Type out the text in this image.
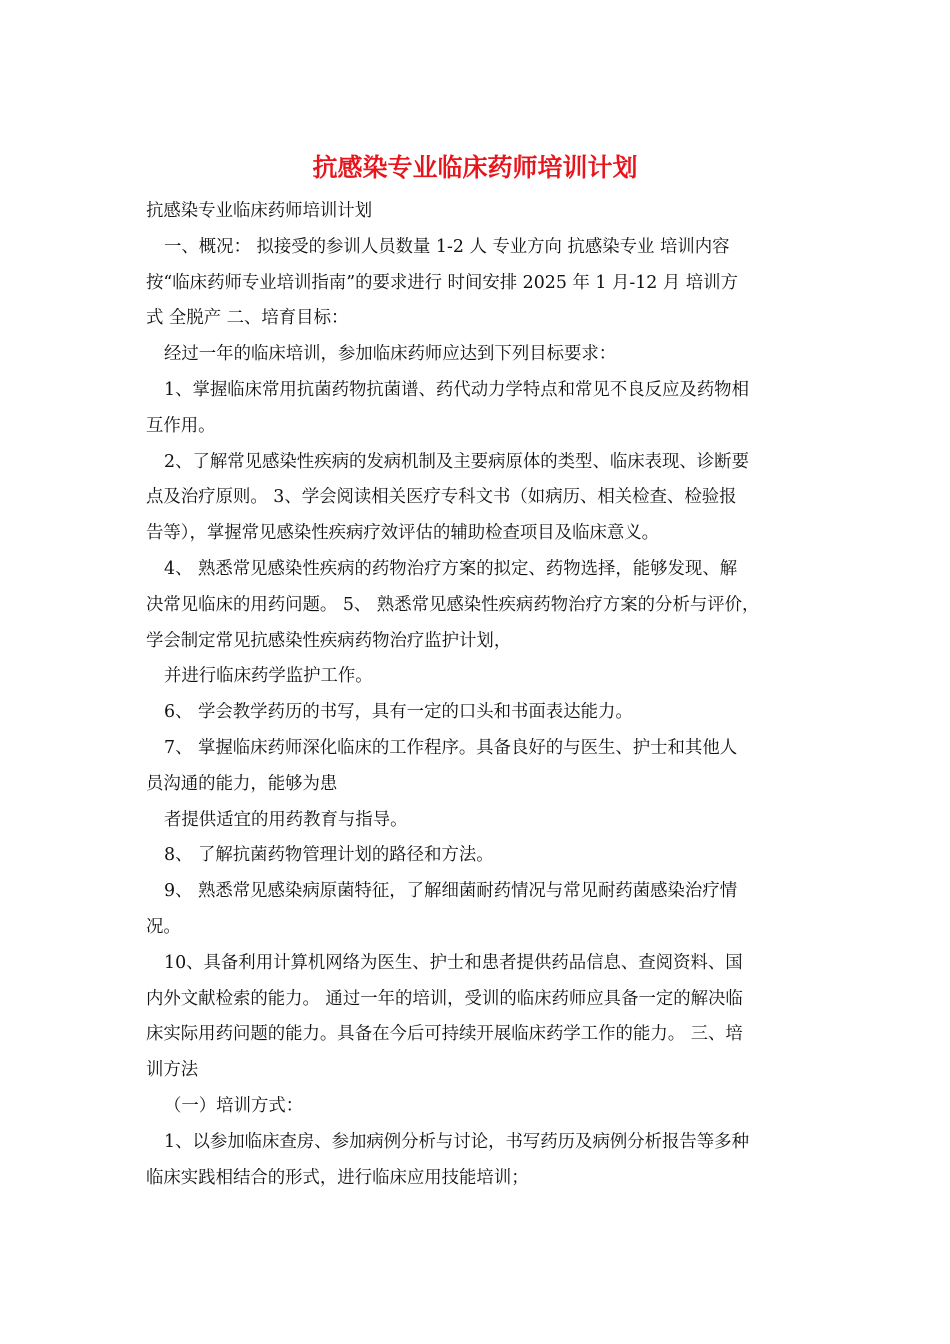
抗感染专业临床药师培训计划
抗感染专业临床药师培训计划
一、概况： 拟接受的参训人员数量 1-2 人 专业方向 抗感染专业 培训内容
按“临床药师专业培训指南”的要求进行 时间安排 2025 年 1 月-12 月 培训方
式 全脱产 二、培育目标：
经过一年的临床培训，参加临床药师应达到下列目标要求：
1、掌握临床常用抗菌药物抗菌谱、药代动力学特点和常见不良反应及药物相
互作用。
2、了解常见感染性疾病的发病机制及主要病原体的类型、临床表现、诊断要
点及治疗原则。 3、学会阅读相关医疗专科文书（如病历、相关检查、检验报
告等），掌握常见感染性疾病疗效评估的辅助检查项目及临床意义。
4、 熟悉常见感染性疾病的药物治疗方案的拟定、药物选择，能够发现、解
决常见临床的用药问题。 5、 熟悉常见感染性疾病药物治疗方案的分析与评价，
学会制定常见抗感染性疾病药物治疗监护计划，
并进行临床药学监护工作。
6、 学会教学药历的书写，具有一定的口头和书面表达能力。
7、 掌握临床药师深化临床的工作程序。具备良好的与医生、护士和其他人
员沟通的能力，能够为患
者提供适宜的用药教育与指导。
8、 了解抗菌药物管理计划的路径和方法。
9、 熟悉常见感染病原菌特征，了解细菌耐药情况与常见耐药菌感染治疗情
况。
10、具备利用计算机网络为医生、护士和患者提供药品信息、查阅资料、国
内外文献检索的能力。 通过一年的培训，受训的临床药师应具备一定的解决临
床实际用药问题的能力。具备在今后可持续开展临床药学工作的能力。 三、培
训方法
（一）培训方式：
1、以参加临床查房、参加病例分析与讨论，书写药历及病例分析报告等多种
临床实践相结合的形式，进行临床应用技能培训；
